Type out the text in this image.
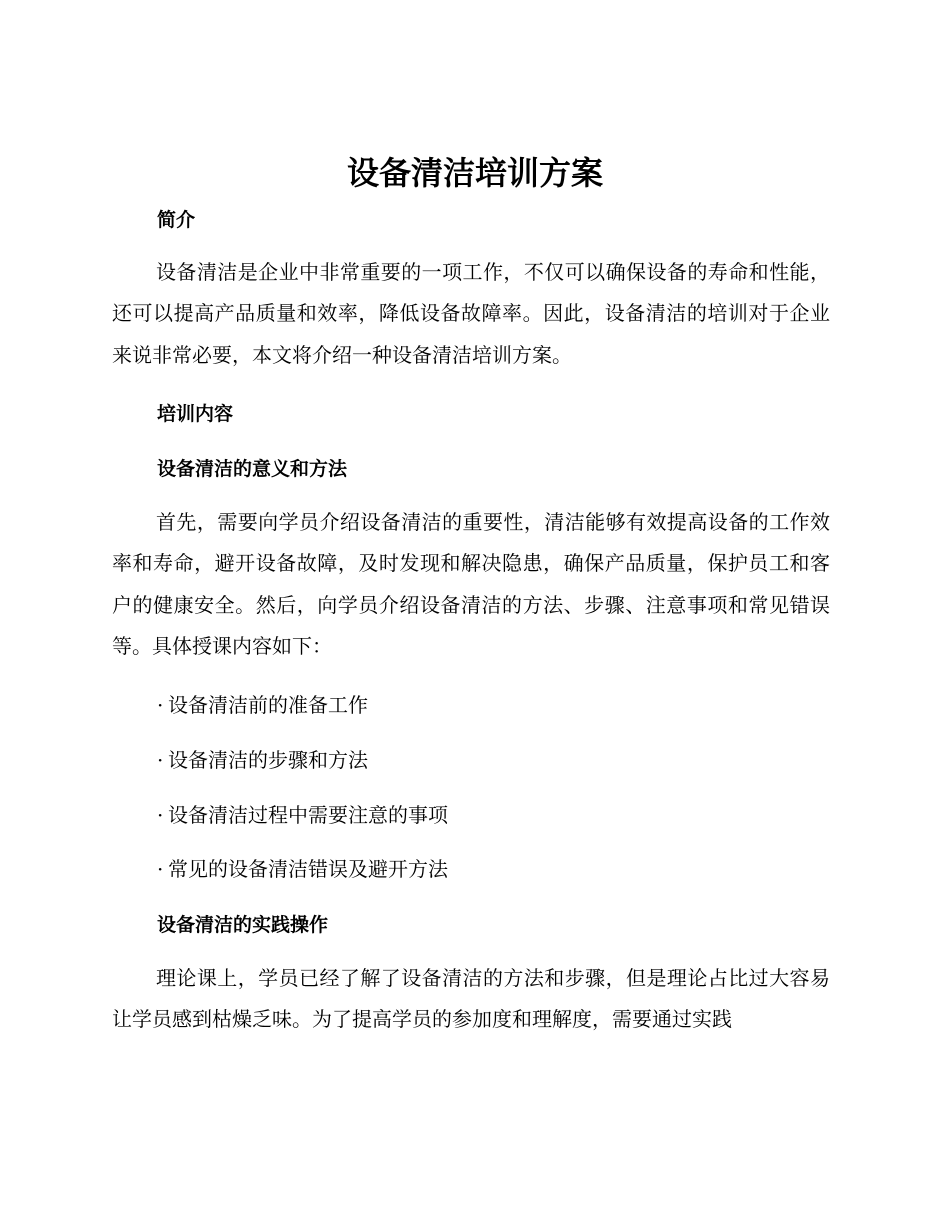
设备清洁培训方案
简介

设备清洁是企业中非常重要的一项工作，不仅可以确保设备的寿命和性能，还可以提高产品质量和效率，降低设备故障率。因此，设备清洁的培训对于企业来说非常必要，本文将介绍一种设备清洁培训方案。

培训内容
设备清洁的意义和方法

首先，需要向学员介绍设备清洁的重要性，清洁能够有效提高设备的工作效率和寿命，避开设备故障，及时发现和解决隐患，确保产品质量，保护员工和客户的健康安全。然后，向学员介绍设备清洁的方法、步骤、注意事项和常见错误等。具体授课内容如下：

· 设备清洁前的准备工作
· 设备清洁的步骤和方法
· 设备清洁过程中需要注意的事项
· 常见的设备清洁错误及避开方法
设备清洁的实践操作

理论课上，学员已经了解了设备清洁的方法和步骤，但是理论占比过大容易让学员感到枯燥乏味。为了提高学员的参加度和理解度，需要通过实践
